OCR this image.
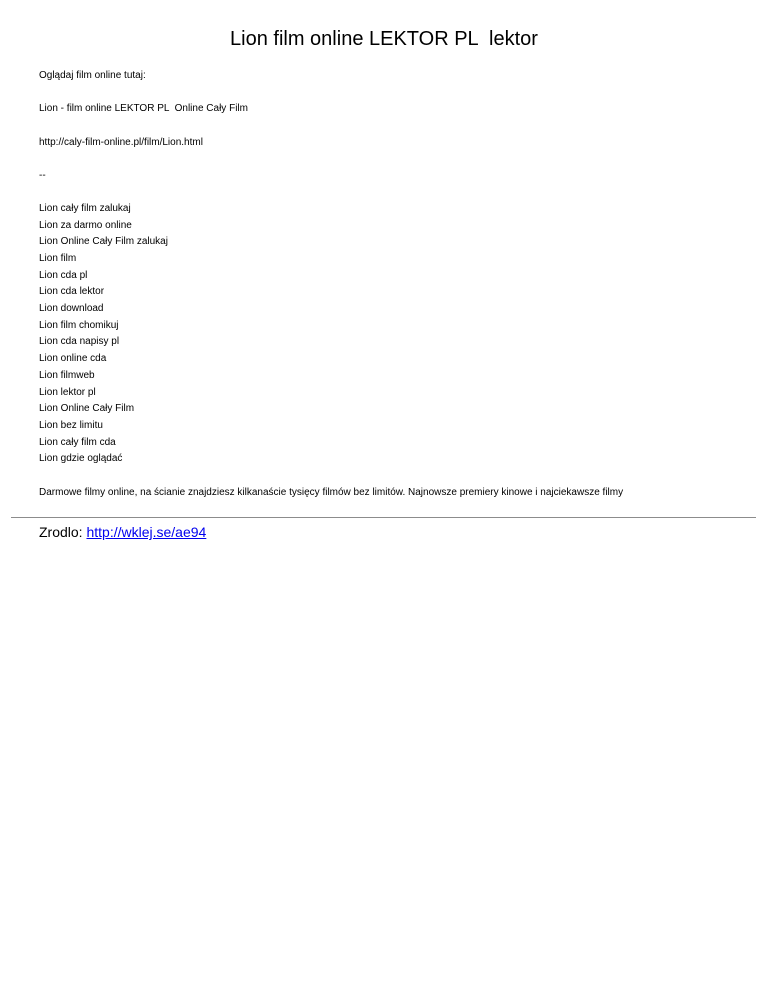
Lion film online LEKTOR PL  lektor
Oglądaj film online tutaj:
Lion - film online LEKTOR PL  Online Cały Film
http://caly-film-online.pl/film/Lion.html
--
Lion cały film zalukaj
Lion za darmo online
Lion Online Cały Film zalukaj
Lion film
Lion cda pl
Lion cda lektor
Lion download
Lion film chomikuj
Lion cda napisy pl
Lion online cda
Lion filmweb
Lion lektor pl
Lion Online Cały Film
Lion bez limitu
Lion cały film cda
Lion gdzie oglądać
Darmowe filmy online, na ścianie znajdziesz kilkanaście tysięcy filmów bez limitów. Najnowsze premiery kinowe i najciekawsze filmy
Zrodlo: http://wklej.se/ae94
